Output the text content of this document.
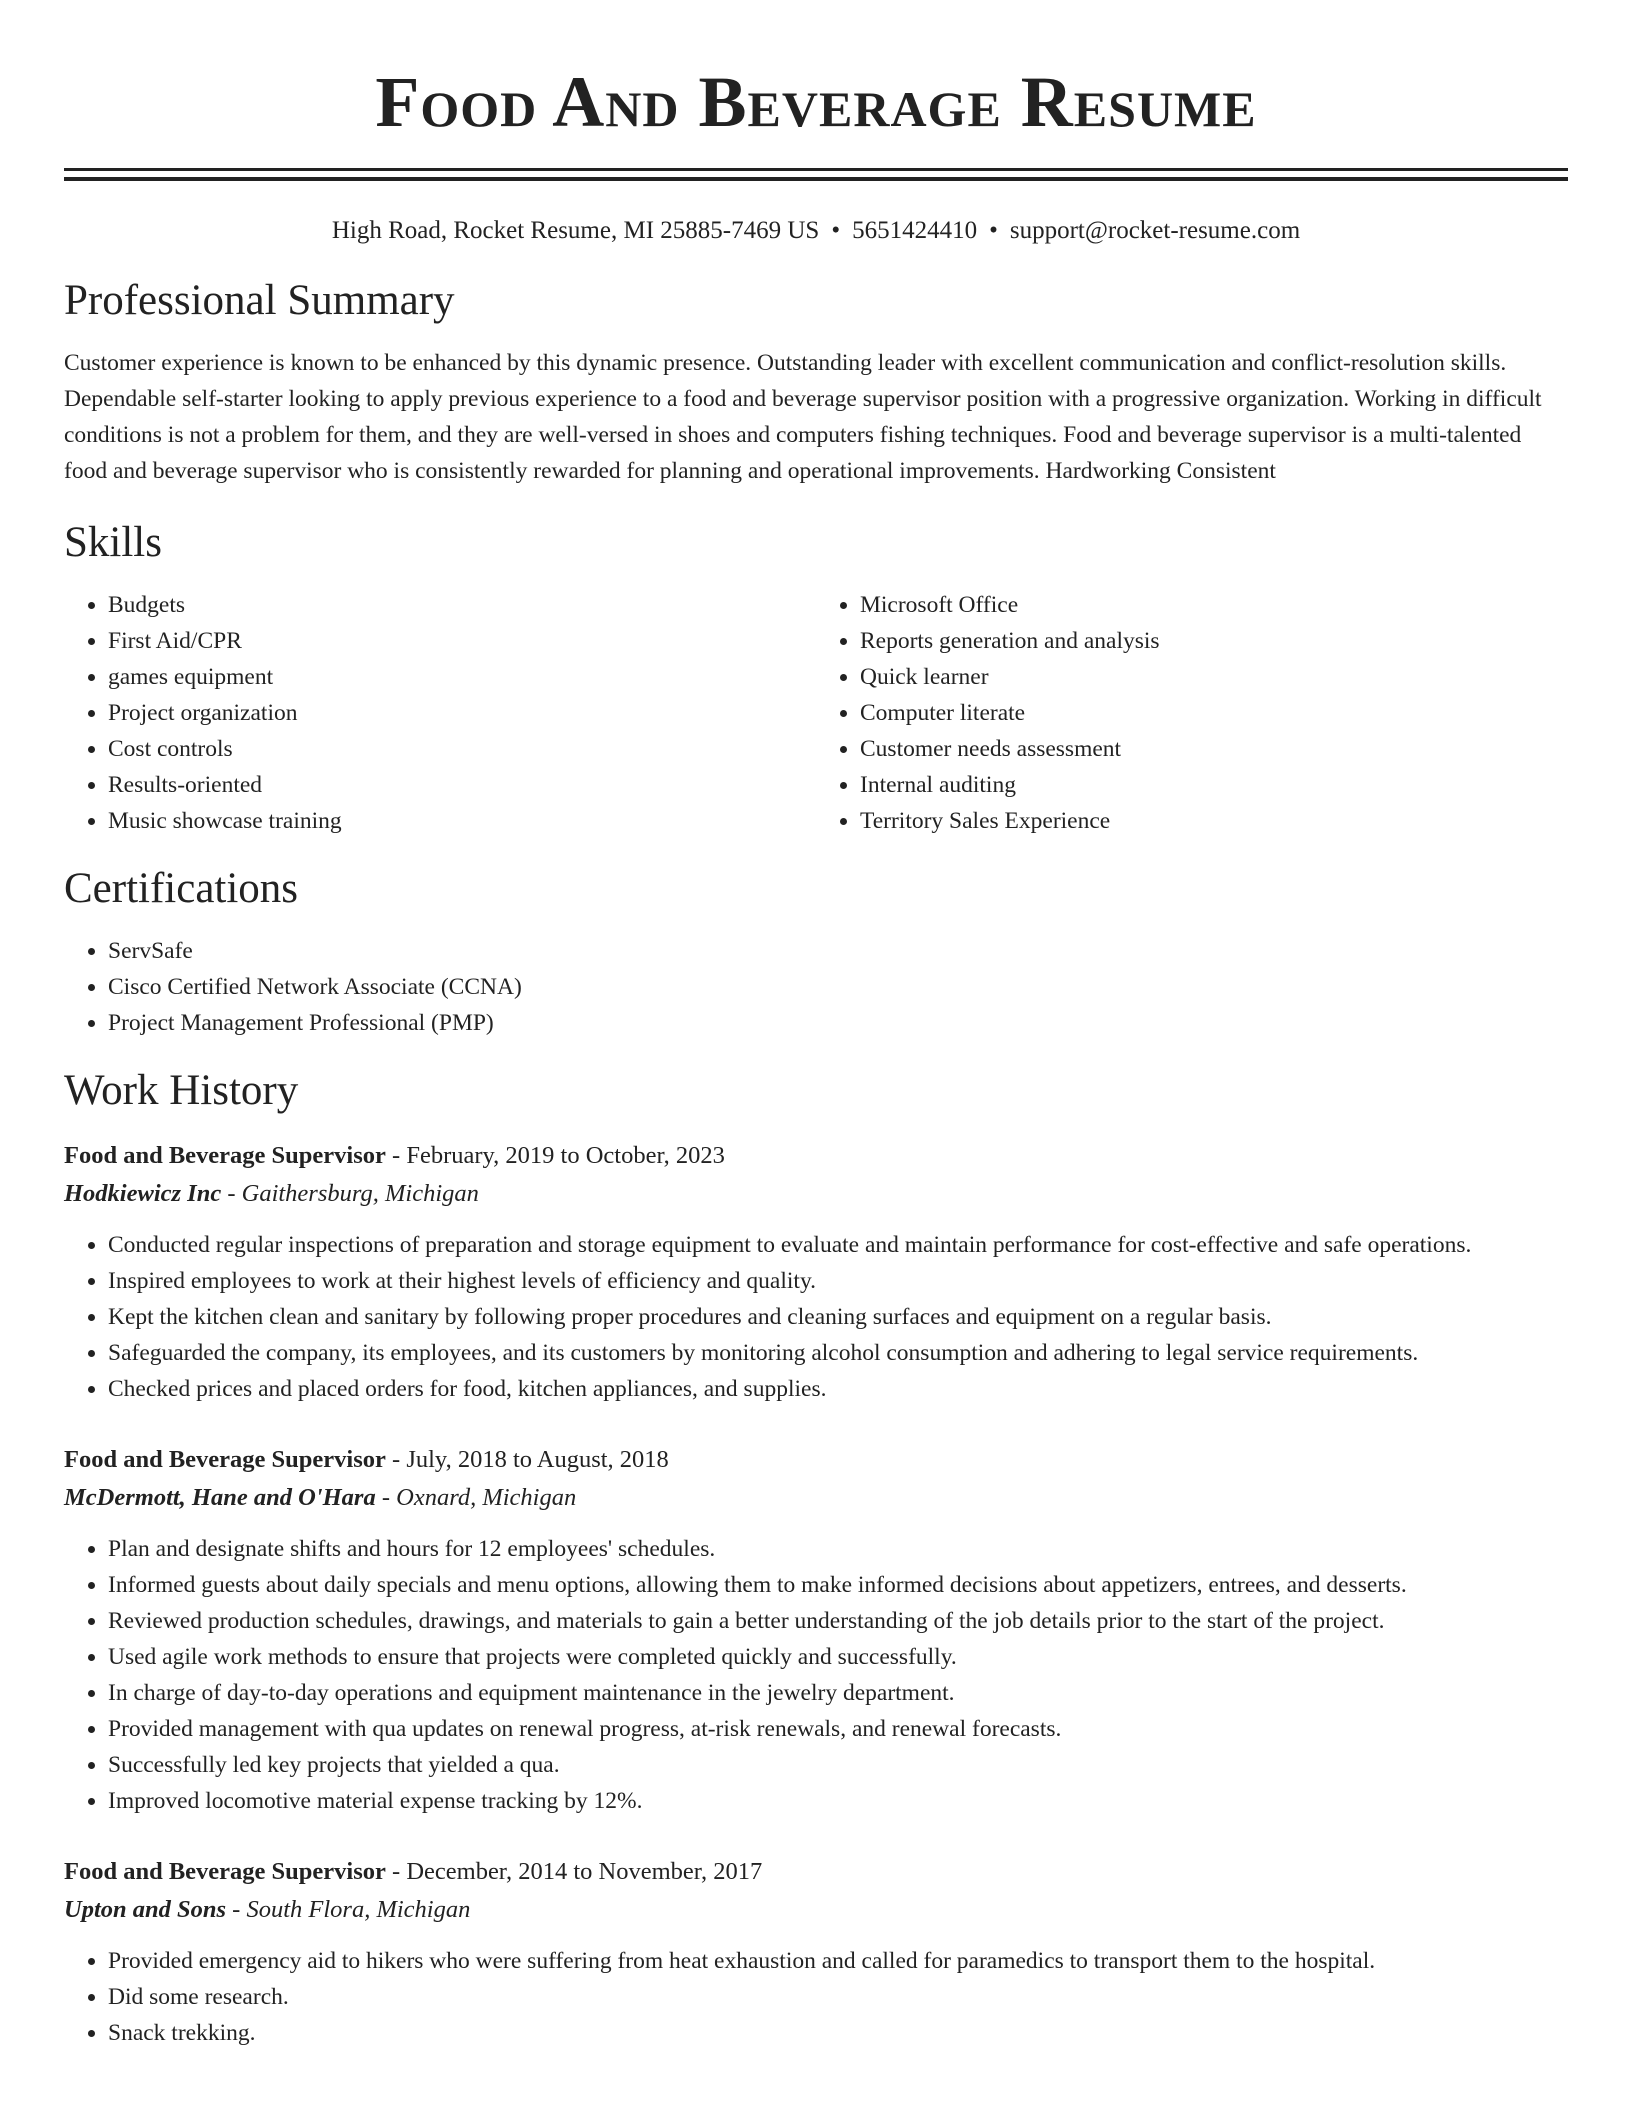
Food And Beverage Resume
High Road, Rocket Resume, MI 25885-7469 US • 5651424410 • support@rocket-resume.com
Professional Summary
Customer experience is known to be enhanced by this dynamic presence. Outstanding leader with excellent communication and conflict-resolution skills. Dependable self-starter looking to apply previous experience to a food and beverage supervisor position with a progressive organization. Working in difficult conditions is not a problem for them, and they are well-versed in shoes and computers fishing techniques. Food and beverage supervisor is a multi-talented food and beverage supervisor who is consistently rewarded for planning and operational improvements. Hardworking Consistent
Skills
• Budgets
• First Aid/CPR
• games equipment
• Project organization
• Cost controls
• Results-oriented
• Music showcase training
• Microsoft Office
• Reports generation and analysis
• Quick learner
• Computer literate
• Customer needs assessment
• Internal auditing
• Territory Sales Experience
Certifications
• ServSafe
• Cisco Certified Network Associate (CCNA)
• Project Management Professional (PMP)
Work History
Food and Beverage Supervisor - February, 2019 to October, 2023
Hodkiewicz Inc - Gaithersburg, Michigan
• Conducted regular inspections of preparation and storage equipment to evaluate and maintain performance for cost-effective and safe operations.
• Inspired employees to work at their highest levels of efficiency and quality.
• Kept the kitchen clean and sanitary by following proper procedures and cleaning surfaces and equipment on a regular basis.
• Safeguarded the company, its employees, and its customers by monitoring alcohol consumption and adhering to legal service requirements.
• Checked prices and placed orders for food, kitchen appliances, and supplies.
Food and Beverage Supervisor - July, 2018 to August, 2018
McDermott, Hane and O'Hara - Oxnard, Michigan
• Plan and designate shifts and hours for 12 employees' schedules.
• Informed guests about daily specials and menu options, allowing them to make informed decisions about appetizers, entrees, and desserts.
• Reviewed production schedules, drawings, and materials to gain a better understanding of the job details prior to the start of the project.
• Used agile work methods to ensure that projects were completed quickly and successfully.
• In charge of day-to-day operations and equipment maintenance in the jewelry department.
• Provided management with qua updates on renewal progress, at-risk renewals, and renewal forecasts.
• Successfully led key projects that yielded a qua.
• Improved locomotive material expense tracking by 12%.
Food and Beverage Supervisor - December, 2014 to November, 2017
Upton and Sons - South Flora, Michigan
• Provided emergency aid to hikers who were suffering from heat exhaustion and called for paramedics to transport them to the hospital.
• Did some research.
• Snack trekking.
